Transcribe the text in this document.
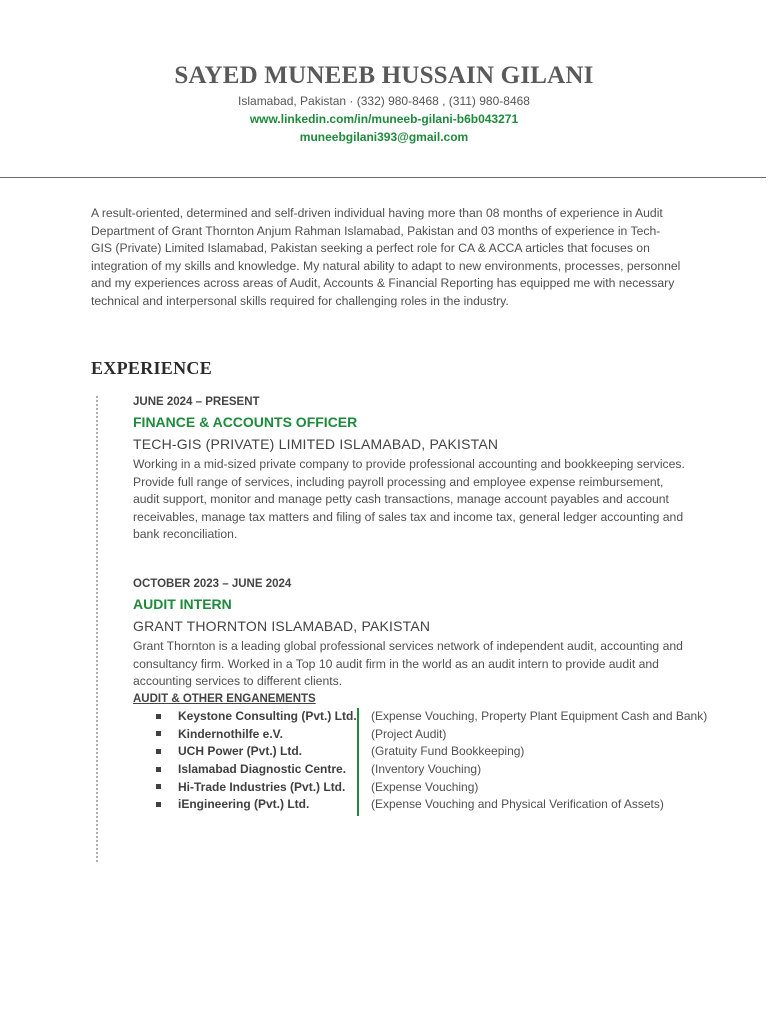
SAYED MUNEEB HUSSAIN GILANI
Islamabad, Pakistan · (332) 980-8468 , (311) 980-8468
www.linkedin.com/in/muneeb-gilani-b6b043271
muneebgilani393@gmail.com

A result-oriented, determined and self-driven individual having more than 08 months of experience in Audit Department of Grant Thornton Anjum Rahman Islamabad, Pakistan and 03 months of experience in Tech-GIS (Private) Limited Islamabad, Pakistan seeking a perfect role for CA & ACCA articles that focuses on integration of my skills and knowledge. My natural ability to adapt to new environments, processes, personnel and my experiences across areas of Audit, Accounts & Financial Reporting has equipped me with necessary technical and interpersonal skills required for challenging roles in the industry.

EXPERIENCE
JUNE 2024 – PRESENT
FINANCE & ACCOUNTS OFFICER
TECH-GIS (PRIVATE) LIMITED ISLAMABAD, PAKISTAN
Working in a mid-sized private company to provide professional accounting and bookkeeping services. Provide full range of services, including payroll processing and employee expense reimbursement, audit support, monitor and manage petty cash transactions, manage account payables and account receivables, manage tax matters and filing of sales tax and income tax, general ledger accounting and bank reconciliation.
OCTOBER 2023 – JUNE 2024
AUDIT INTERN
GRANT THORNTON ISLAMABAD, PAKISTAN
Grant Thornton is a leading global professional services network of independent audit, accounting and consultancy firm. Worked in a Top 10 audit firm in the world as an audit intern to provide audit and accounting services to different clients.
AUDIT & OTHER ENGANEMENTS
Keystone Consulting (Pvt.) Ltd.	(Expense Vouching, Property Plant Equipment Cash and Bank)
Kindernothilfe e.V.	(Project Audit)
UCH Power (Pvt.) Ltd.	(Gratuity Fund Bookkeeping)
Islamabad Diagnostic Centre.	(Inventory Vouching)
Hi-Trade Industries (Pvt.) Ltd.	(Expense Vouching)
iEngineering (Pvt.) Ltd.	(Expense Vouching and Physical Verification of Assets)
